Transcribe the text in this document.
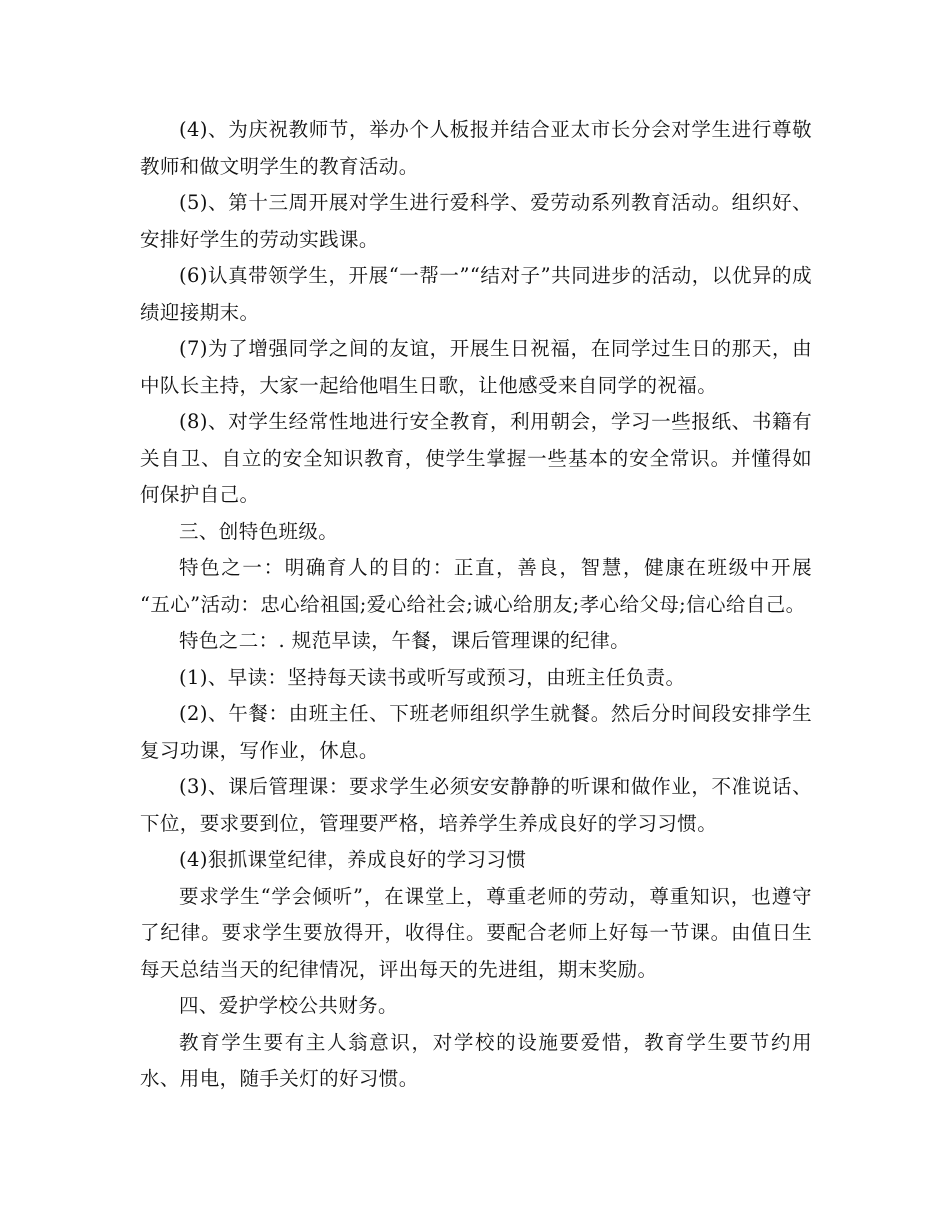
(4)、为庆祝教师节，举办个人板报并结合亚太市长分会对学生进行尊敬教师和做文明学生的教育活动。

(5)、第十三周开展对学生进行爱科学、爱劳动系列教育活动。组织好、安排好学生的劳动实践课。

(6)认真带领学生，开展“一帮一”“结对子”共同进步的活动，以优异的成绩迎接期末。

(7)为了增强同学之间的友谊，开展生日祝福，在同学过生日的那天，由中队长主持，大家一起给他唱生日歌，让他感受来自同学的祝福。

(8)、对学生经常性地进行安全教育，利用朝会，学习一些报纸、书籍有关自卫、自立的安全知识教育，使学生掌握一些基本的安全常识。并懂得如何保护自己。

三、创特色班级。

特色之一：明确育人的目的：正直，善良，智慧，健康在班级中开展 “五心”活动：忠心给祖国;爱心给社会;诚心给朋友;孝心给父母;信心给自己。

特色之二：. 规范早读，午餐，课后管理课的纪律。

(1)、早读：坚持每天读书或听写或预习，由班主任负责。

(2)、午餐：由班主任、下班老师组织学生就餐。然后分时间段安排学生复习功课，写作业，休息。

(3)、课后管理课：要求学生必须安安静静的听课和做作业，不准说话、下位，要求要到位，管理要严格，培养学生养成良好的学习习惯。

(4)狠抓课堂纪律，养成良好的学习习惯

要求学生“学会倾听”，在课堂上，尊重老师的劳动，尊重知识，也遵守了纪律。要求学生要放得开，收得住。要配合老师上好每一节课。由值日生每天总结当天的纪律情况，评出每天的先进组，期末奖励。

四、爱护学校公共财务。

教育学生要有主人翁意识，对学校的设施要爱惜，教育学生要节约用水、用电，随手关灯的好习惯。
